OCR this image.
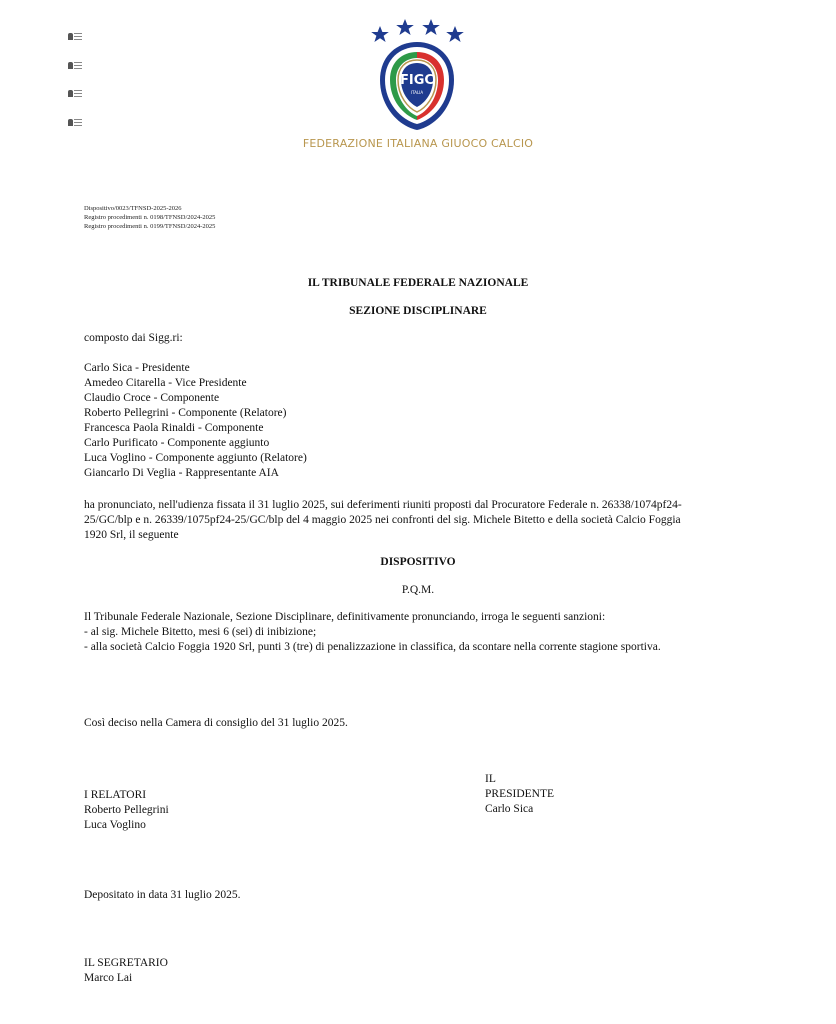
FIGC
ITALIA
FEDERAZIONE ITALIANA GIUOCO CALCIO
Dispositivo/0023/TFNSD-2025-2026
Registro procedimenti n. 0198/TFNSD/2024-2025
Registro procedimenti n. 0199/TFNSD/2024-2025
IL TRIBUNALE FEDERALE NAZIONALE
SEZIONE DISCIPLINARE
composto dai Sigg.ri:
Carlo Sica - Presidente
Amedeo Citarella - Vice Presidente
Claudio Croce - Componente
Roberto Pellegrini - Componente (Relatore)
Francesca Paola Rinaldi - Componente
Carlo Purificato - Componente aggiunto
Luca Voglino - Componente aggiunto (Relatore)
Giancarlo Di Veglia - Rappresentante AIA
ha pronunciato, nell'udienza fissata il 31 luglio 2025, sui deferimenti riuniti proposti dal Procuratore Federale n. 26338/1074pf24-
25/GC/blp e n. 26339/1075pf24-25/GC/blp del 4 maggio 2025 nei confronti del sig. Michele Bitetto e della società Calcio Foggia
1920 Srl, il seguente
DISPOSITIVO
P.Q.M.
Il Tribunale Federale Nazionale, Sezione Disciplinare, definitivamente pronunciando, irroga le seguenti sanzioni:
- al sig. Michele Bitetto, mesi 6 (sei) di inibizione;
- alla società Calcio Foggia 1920 Srl, punti 3 (tre) di penalizzazione in classifica, da scontare nella corrente stagione sportiva.
Così deciso nella Camera di consiglio del 31 luglio 2025.
I RELATORI
Roberto Pellegrini
Luca Voglino
IL
PRESIDENTE
Carlo Sica
Depositato in data 31 luglio 2025.
IL SEGRETARIO
Marco Lai
